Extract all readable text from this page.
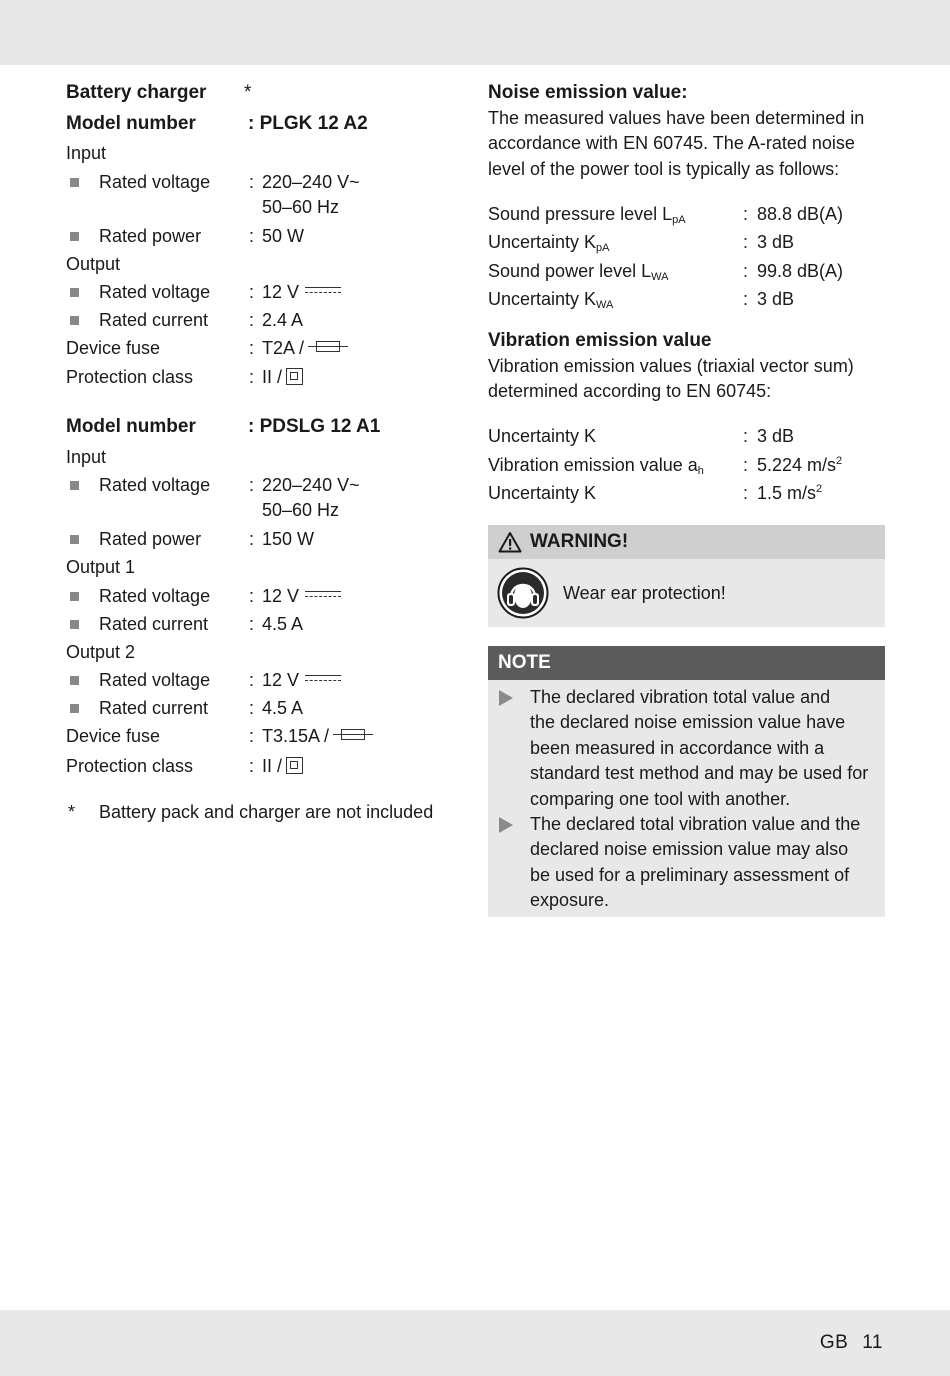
Battery charger *
Model number	: PLGK 12 A2
Input
Rated voltage : 220–240 V~
50–60 Hz
Rated power	: 50 W
Output
Rated voltage : 12 V
Rated current : 2.4 A
Device fuse	: T2A /
Protection class	: II /
Model number	: PDSLG 12 A1
Input
Rated voltage : 220–240 V~
50–60 Hz
Rated power	: 150 W
Output 1
Rated voltage : 12 V
Rated current : 4.5 A
Output 2
Rated voltage : 12 V
Rated current : 4.5 A
Device fuse	: T3.15A /
Protection class	: II /
* Battery pack and charger are not included
Noise emission value:
The measured values have been determined in
accordance with EN 60745. The A-rated noise
level of the power tool is typically as follows:
Sound pressure level $L_{pA}$	: 88.8 dB(A)
Uncertainty $K_{pA}$	: 3 dB
Sound power level $L_{WA}$	: 99.8 dB(A)
Uncertainty $K_{WA}$	: 3 dB
Vibration emission value
Vibration emission values (triaxial vector sum)
determined according to EN 60745:
Uncertainty K	: 3 dB
Vibration emission value $a_h$ : 5.224 $m/s^2$
Uncertainty K	: 1.5 $m/s^2$
WARNING!
Wear ear protection!
NOTE
The declared vibration total value and
the declared noise emission value have
been measured in accordance with a
standard test method and may be used for
comparing one tool with another.
The declared total vibration value and the
declared noise emission value may also
be used for a preliminary assessment of
exposure.
GB 11
